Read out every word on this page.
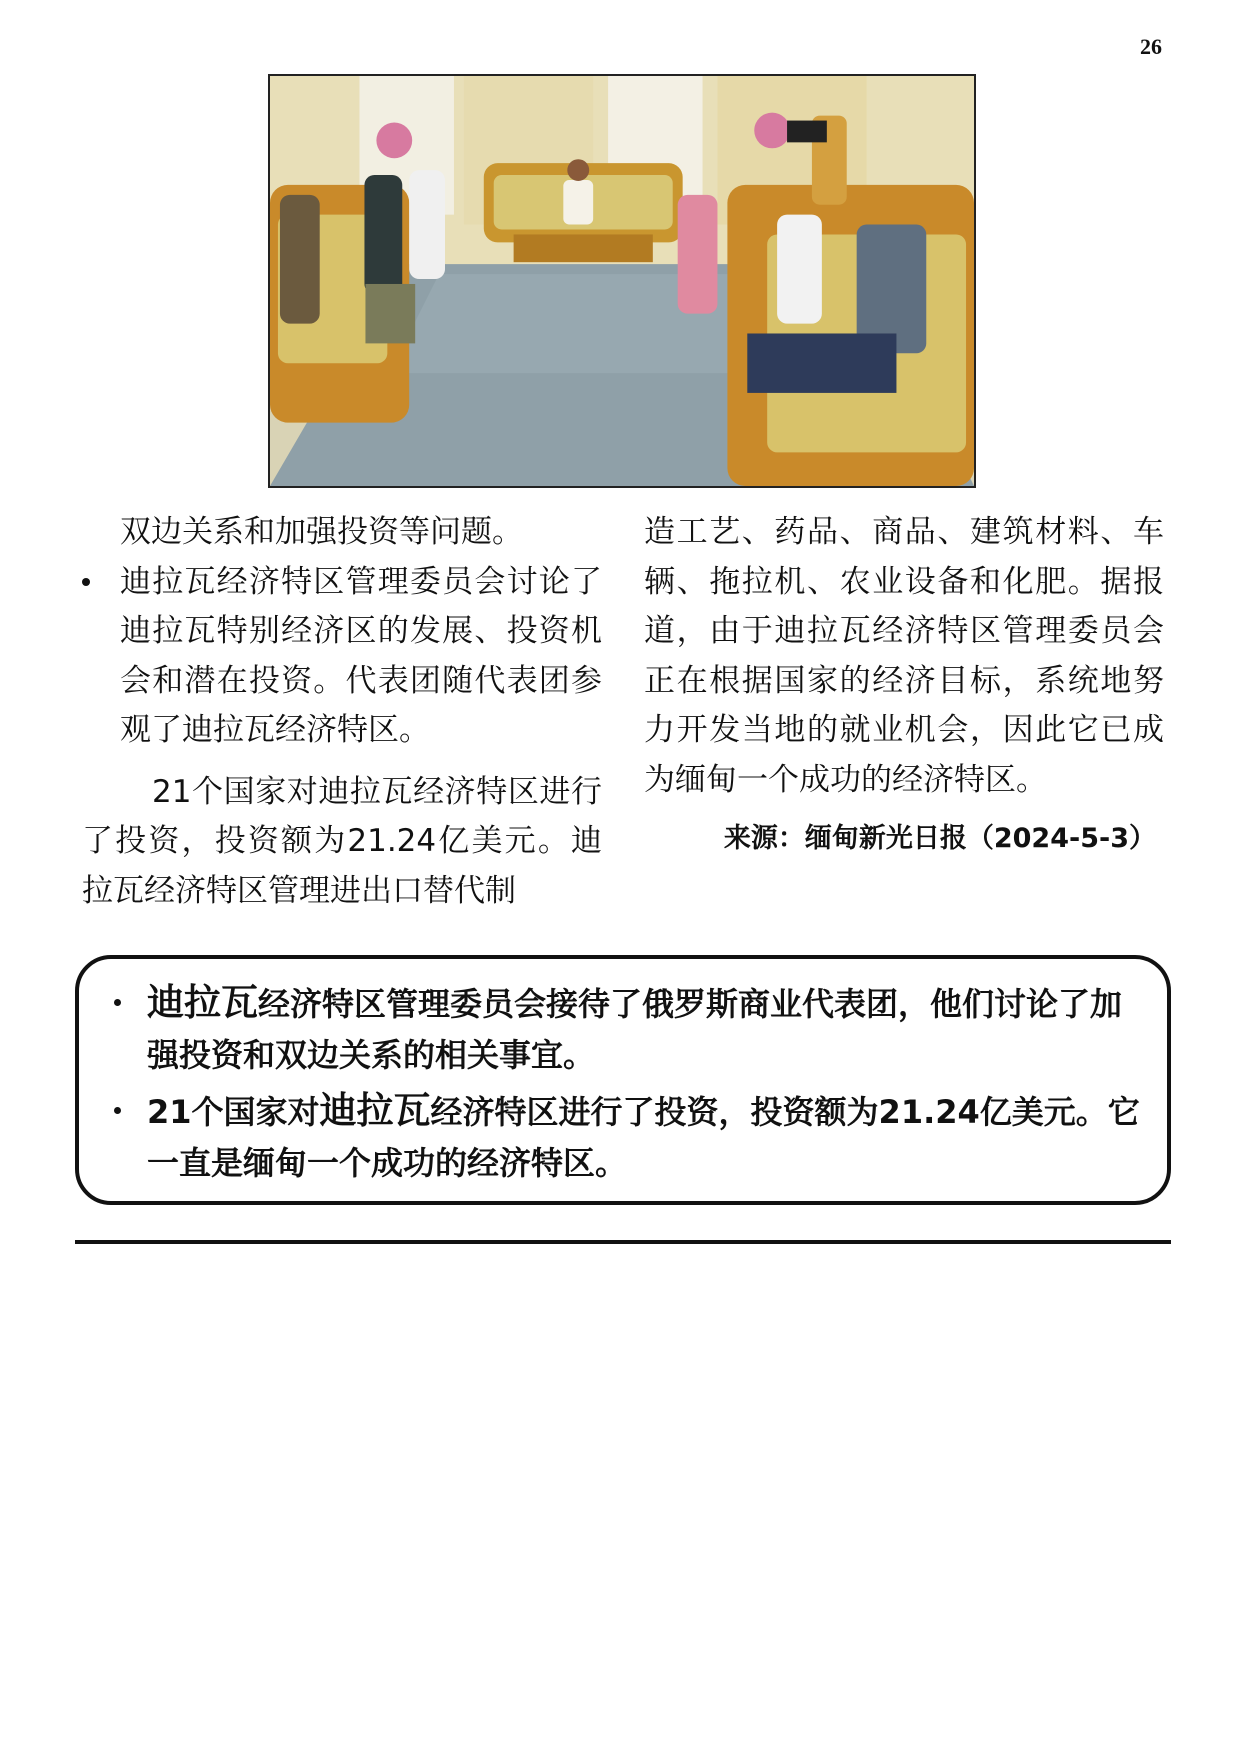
26

双边关系和加强投资等问题。

迪拉瓦经济特区管理委员会讨论了迪拉瓦特别经济区的发展、投资机会和潜在投资。代表团随代表团参观了迪拉瓦经济特区。

21个国家对迪拉瓦经济特区进行了投资，投资额为21.24亿美元。迪拉瓦经济特区管理进出口替代制

造工艺、药品、商品、建筑材料、车辆、拖拉机、农业设备和化肥。据报道，由于迪拉瓦经济特区管理委员会正在根据国家的经济目标，系统地努力开发当地的就业机会，因此它已成为缅甸一个成功的经济特区。

来源：缅甸新光日报（2024-5-3）
迪拉瓦经济特区管理委员会接待了俄罗斯商业代表团，他们讨论了加强投资和双边关系的相关事宜。
21个国家对迪拉瓦经济特区进行了投资，投资额为21.24亿美元。它一直是缅甸一个成功的经济特区。
